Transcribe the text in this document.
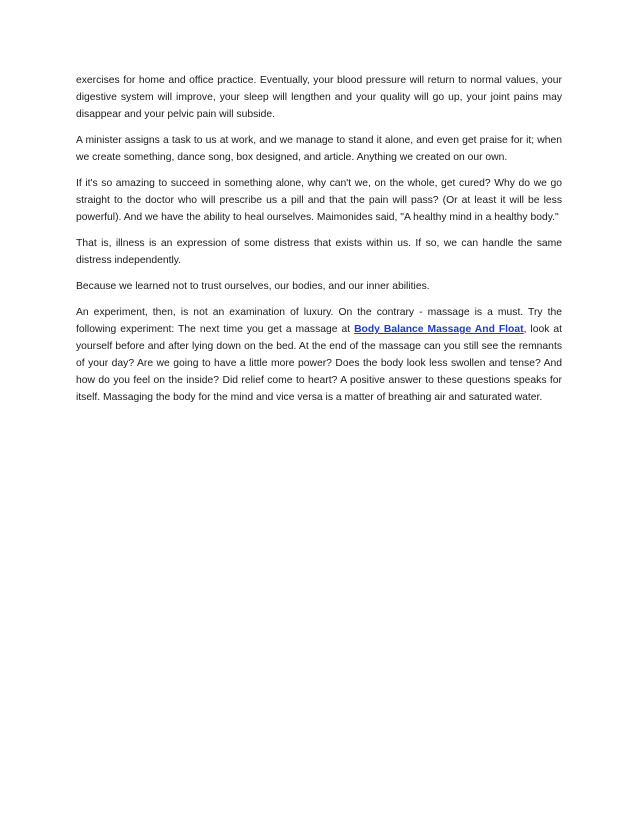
exercises for home and office practice. Eventually, your blood pressure will return to normal values, your digestive system will improve, your sleep will lengthen and your quality will go up, your joint pains may disappear and your pelvic pain will subside.

A minister assigns a task to us at work, and we manage to stand it alone, and even get praise for it; when we create something, dance song, box designed, and article. Anything we created on our own.

If it's so amazing to succeed in something alone, why can't we, on the whole, get cured? Why do we go straight to the doctor who will prescribe us a pill and that the pain will pass? (Or at least it will be less powerful). And we have the ability to heal ourselves. Maimonides said, "A healthy mind in a healthy body."

That is, illness is an expression of some distress that exists within us. If so, we can handle the same distress independently.

Because we learned not to trust ourselves, our bodies, and our inner abilities.

An experiment, then, is not an examination of luxury. On the contrary - massage is a must. Try the following experiment: The next time you get a massage at Body Balance Massage And Float, look at yourself before and after lying down on the bed. At the end of the massage can you still see the remnants of your day? Are we going to have a little more power? Does the body look less swollen and tense? And how do you feel on the inside? Did relief come to heart? A positive answer to these questions speaks for itself. Massaging the body for the mind and vice versa is a matter of breathing air and saturated water.
